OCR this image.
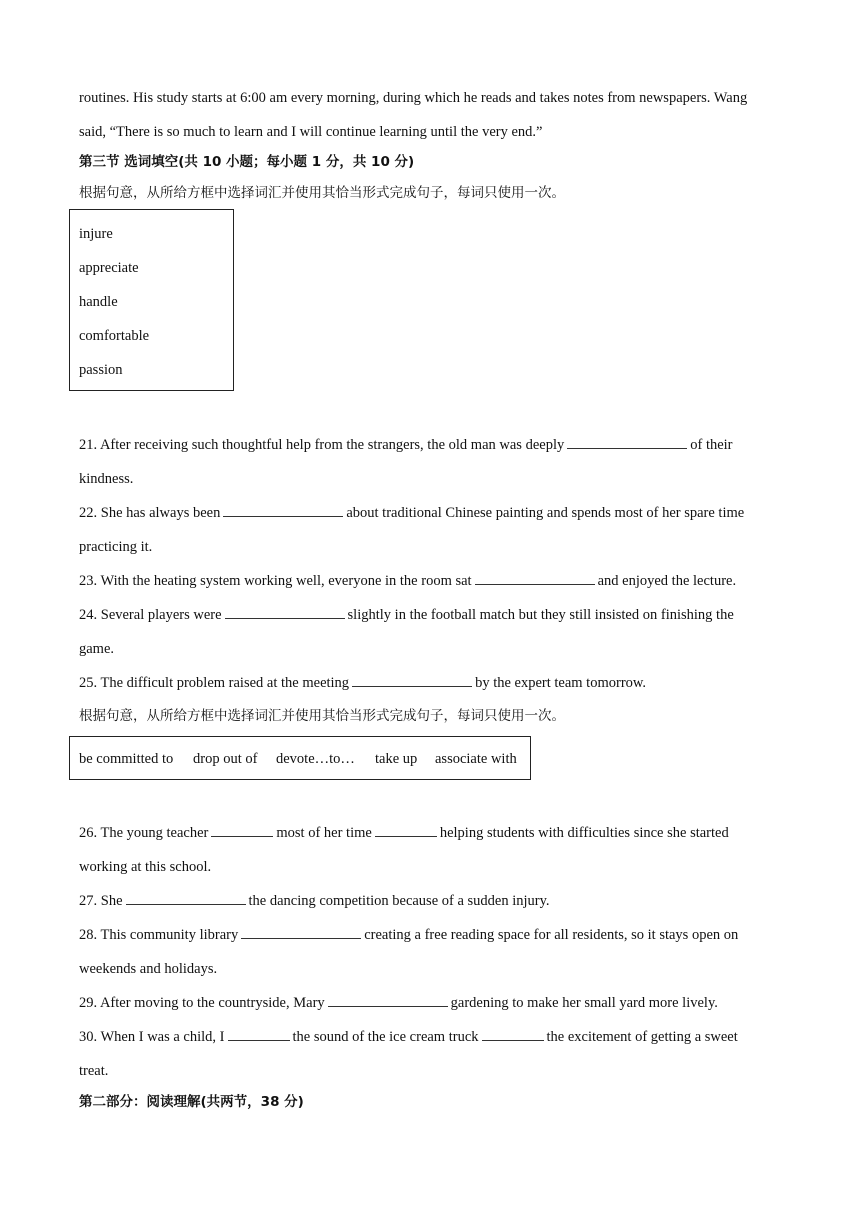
routines. His study starts at 6:00 am every morning, during which he reads and takes notes from newspapers. Wang
said, “There is so much to learn and I will continue learning until the very end.”
第三节 选词填空(共 10 小题；每小题 1 分，共 10 分)
根据句意，从所给方框中选择词汇并使用其恰当形式完成句子，每词只使用一次。
injure
appreciate
handle
comfortable
passion
21. After receiving such thoughtful help from the strangers, the old man was deeply	of their
kindness.
22. She has always been	about traditional Chinese painting and spends most of her spare time
practicing it.
23. With the heating system working well, everyone in the room sat	and enjoyed the lecture.
24. Several players were	slightly in the football match but they still insisted on finishing the
game.
25. The difficult problem raised at the meeting	by the expert team tomorrow.
根据句意，从所给方框中选择词汇并使用其恰当形式完成句子，每词只使用一次。
be committed to drop out of devote…to… take up associate with
26. The young teacher	most of her time	helping students with difficulties since she started
working at this school.
27. She	the dancing competition because of a sudden injury.
28. This community library	creating a free reading space for all residents, so it stays open on
weekends and holidays.
29. After moving to the countryside, Mary	gardening to make her small yard more lively.
30. When I was a child, I	the sound of the ice cream truck	the excitement of getting a sweet
treat.
第二部分：阅读理解(共两节，38 分)
